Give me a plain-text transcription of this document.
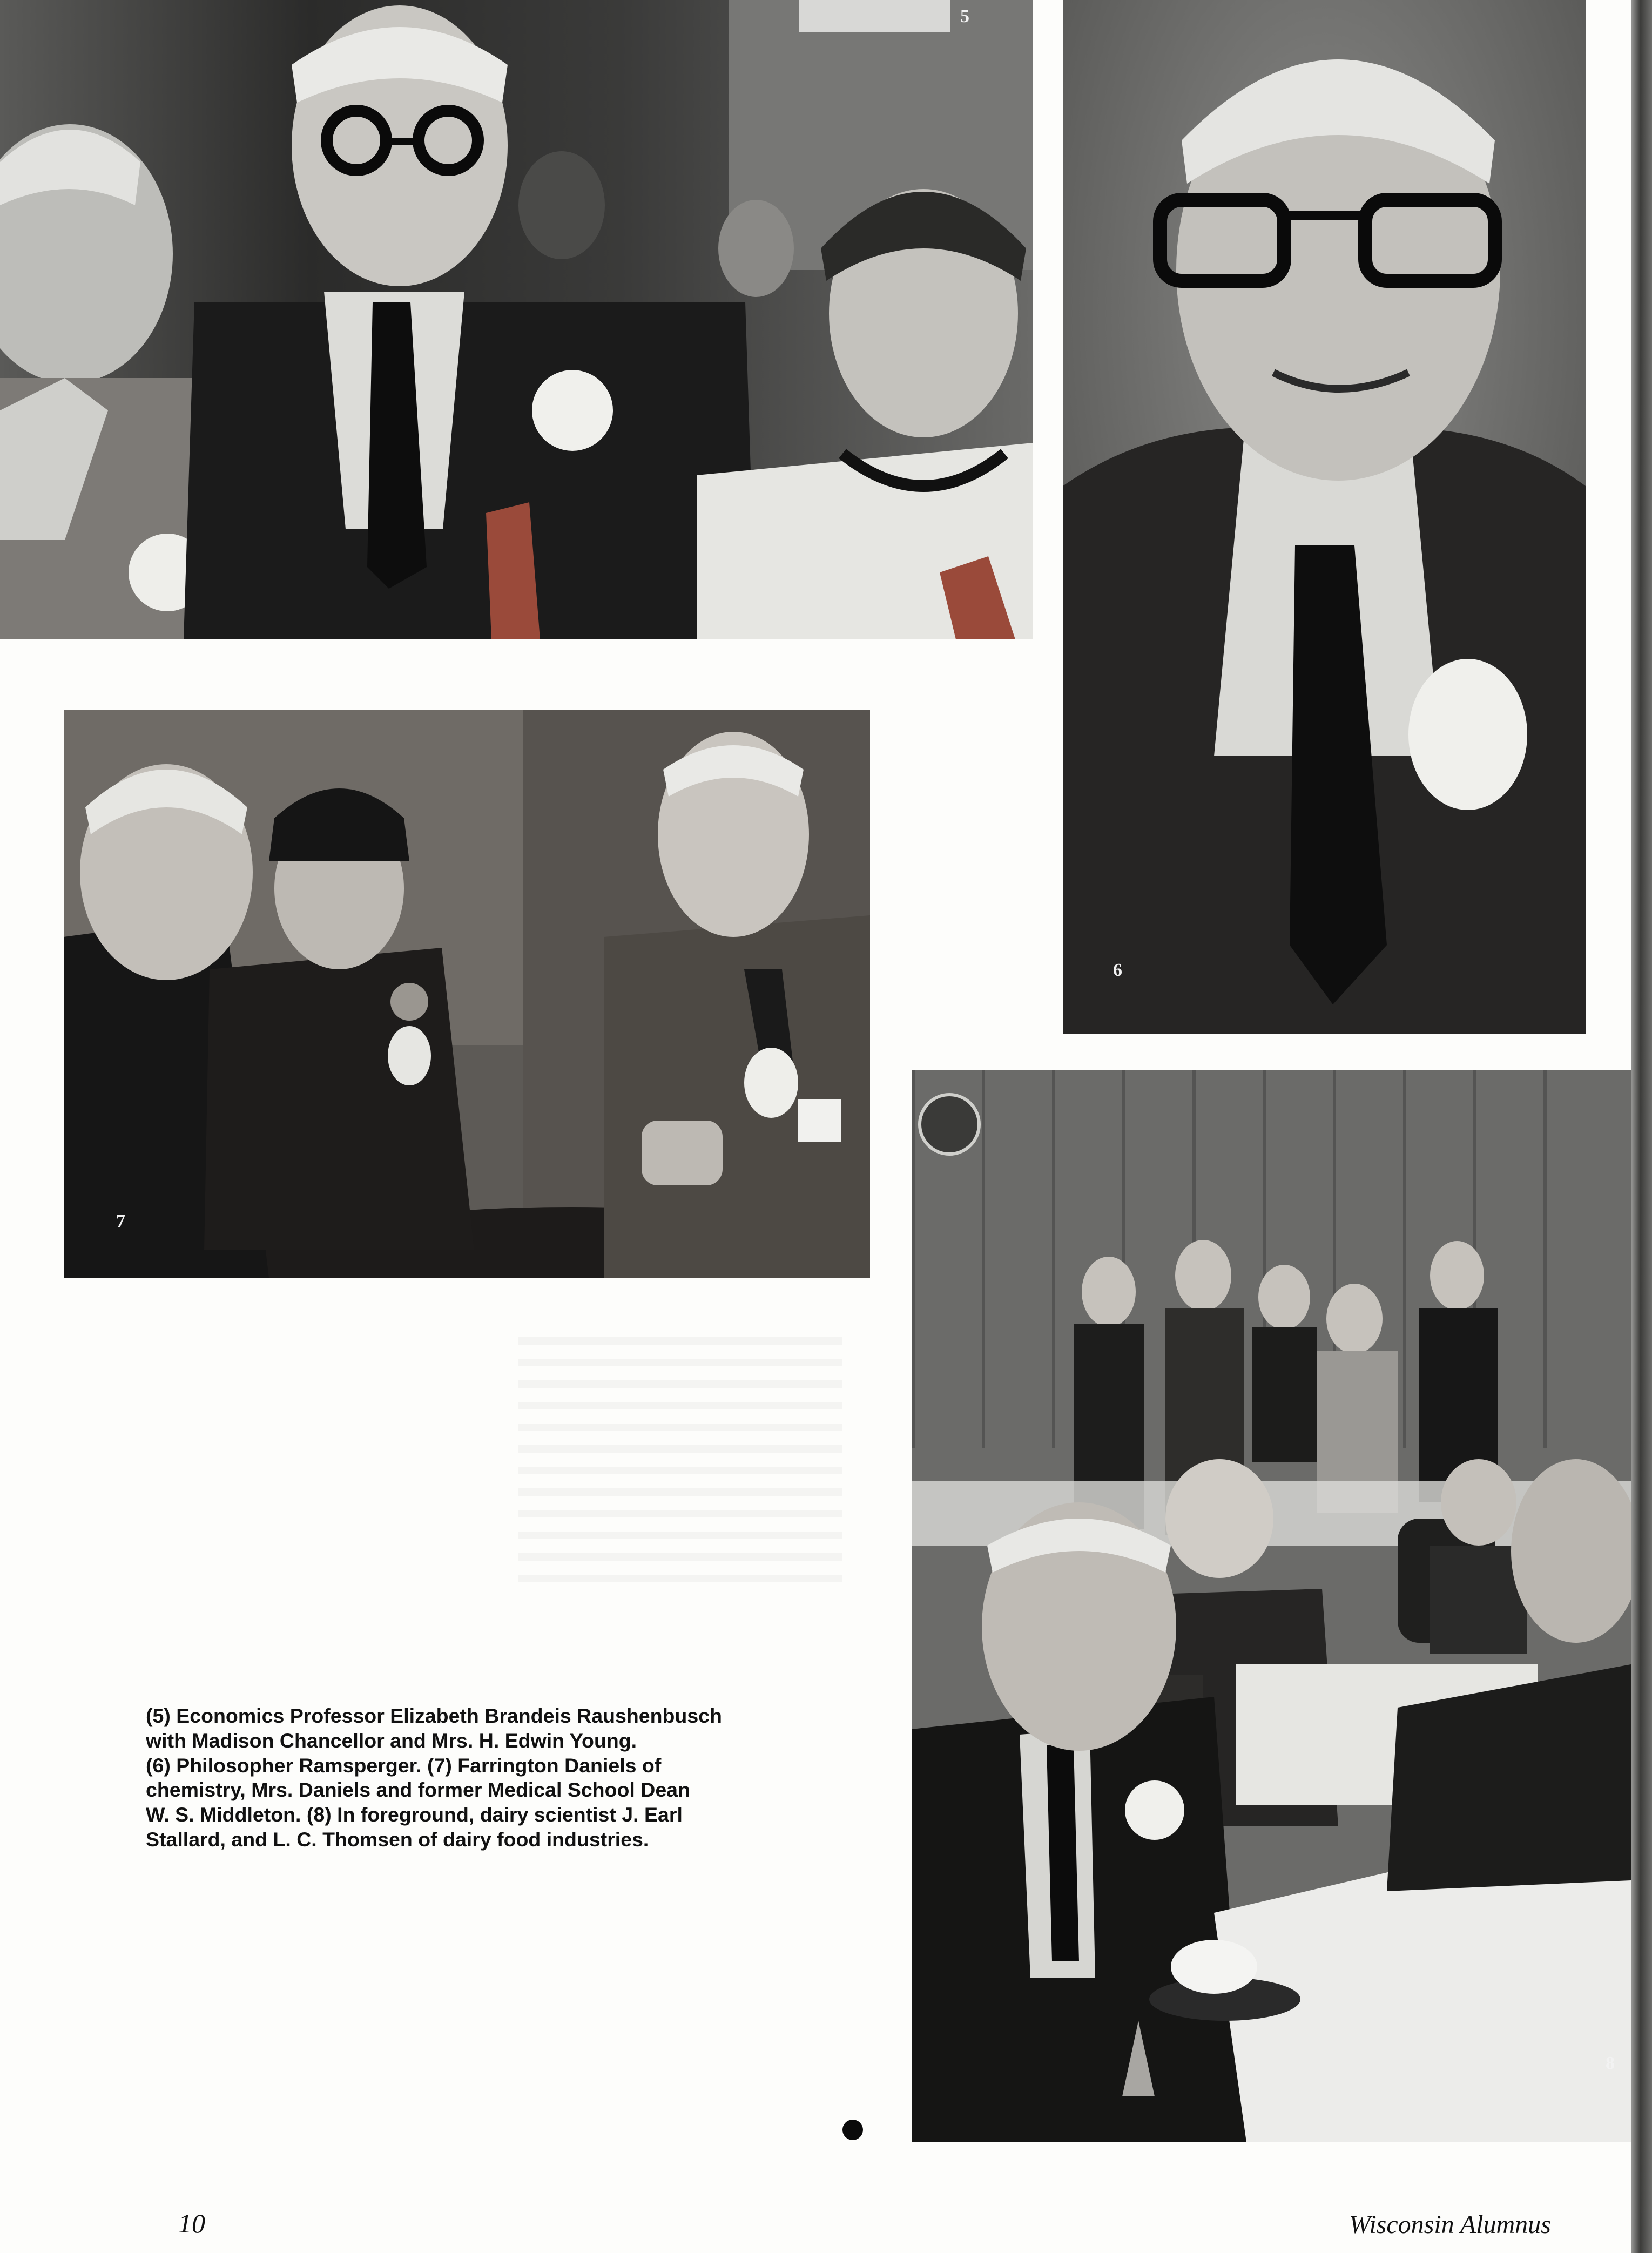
5
6
7
8
(5) Economics Professor Elizabeth Brandeis Raushenbusch
with Madison Chancellor and Mrs. H. Edwin Young.
(6) Philosopher Ramsperger. (7) Farrington Daniels of
chemistry, Mrs. Daniels and former Medical School Dean
W. S. Middleton. (8) In foreground, dairy scientist J. Earl
Stallard, and L. C. Thomsen of dairy food industries.
10	Wisconsin Alumnus
